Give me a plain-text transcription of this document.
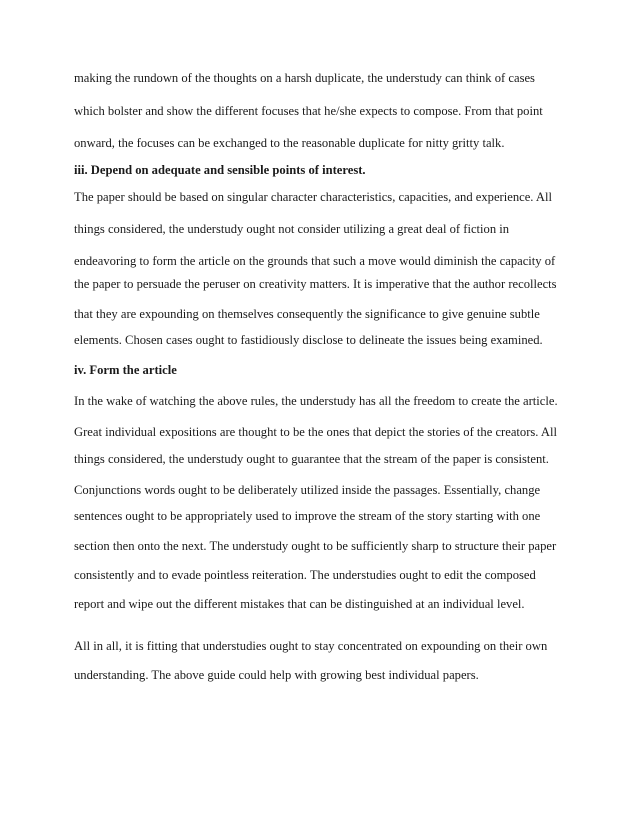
making the rundown of the thoughts on a harsh duplicate, the understudy can think of cases

which bolster and show the different focuses that he/she expects to compose. From that point

onward, the focuses can be exchanged to the reasonable duplicate for nitty gritty talk.

iii. Depend on adequate and sensible points of interest.

The paper should be based on singular character characteristics, capacities, and experience. All

things considered, the understudy ought not consider utilizing a great deal of fiction in

endeavoring to form the article on the grounds that such a move would diminish the capacity of

the paper to persuade the peruser on creativity matters. It is imperative that the author recollects

that they are expounding on themselves consequently the significance to give genuine subtle

elements. Chosen cases ought to fastidiously disclose to delineate the issues being examined.

iv. Form the article

In the wake of watching the above rules, the understudy has all the freedom to create the article.

Great individual expositions are thought to be the ones that depict the stories of the creators. All

things considered, the understudy ought to guarantee that the stream of the paper is consistent.

Conjunctions words ought to be deliberately utilized inside the passages. Essentially, change

sentences ought to be appropriately used to improve the stream of the story starting with one

section then onto the next. The understudy ought to be sufficiently sharp to structure their paper

consistently and to evade pointless reiteration. The understudies ought to edit the composed

report and wipe out the different mistakes that can be distinguished at an individual level.

All in all, it is fitting that understudies ought to stay concentrated on expounding on their own

understanding. The above guide could help with growing best individual papers.
